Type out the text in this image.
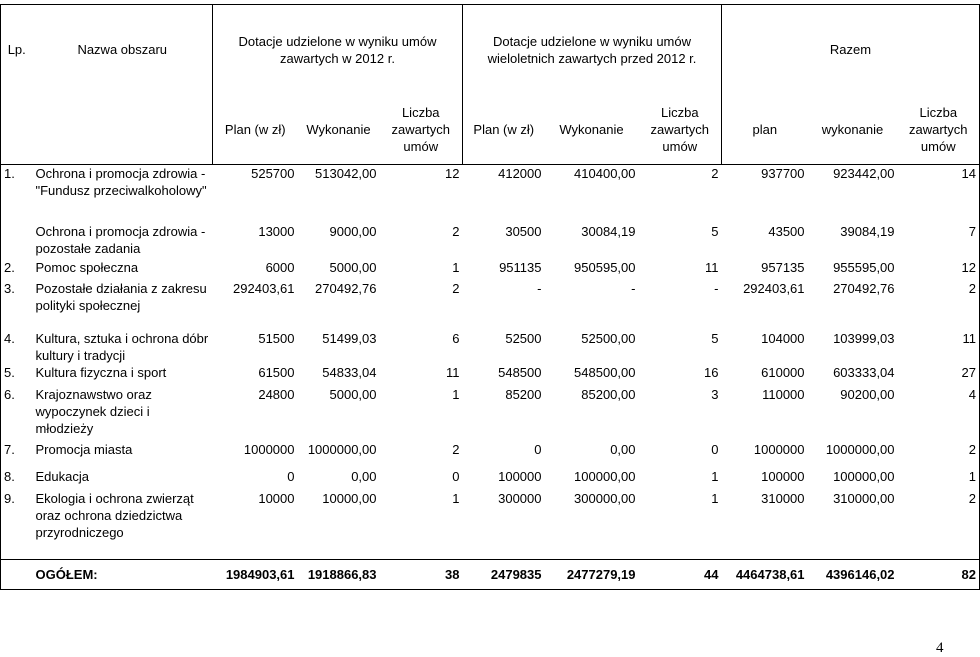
Lp.	Nazwa obszaru	Dotacje udzielone w wyniku umów zawartych w 2012 r.			Dotacje udzielone w wyniku umów wieloletnich zawartych przed 2012 r.			Razem		
		Plan (w zł)	Wykonanie	Liczba zawartych umów	Plan (w zł)	Wykonanie	Liczba zawartych umów	plan	wykonanie	Liczba zawartych umów
1.	Ochrona i promocja zdrowia - "Fundusz przeciwalkoholowy"	525700	513042,00	12	412000	410400,00	2	937700	923442,00	14
	Ochrona i promocja zdrowia - pozostałe zadania	13000	9000,00	2	30500	30084,19	5	43500	39084,19	7
2.	Pomoc społeczna	6000	5000,00	1	951135	950595,00	11	957135	955595,00	12
3.	Pozostałe działania z zakresu polityki społecznej	292403,61	270492,76	2	-	-	-	292403,61	270492,76	2
4.	Kultura, sztuka i ochrona dóbr kultury i tradycji	51500	51499,03	6	52500	52500,00	5	104000	103999,03	11
5.	Kultura fizyczna i sport	61500	54833,04	11	548500	548500,00	16	610000	603333,04	27
6.	Krajoznawstwo oraz wypoczynek dzieci i młodzieży	24800	5000,00	1	85200	85200,00	3	110000	90200,00	4
7.	Promocja miasta	1000000	1000000,00	2	0	0,00	0	1000000	1000000,00	2
8.	Edukacja	0	0,00	0	100000	100000,00	1	100000	100000,00	1
9.	Ekologia i ochrona zwierząt oraz ochrona dziedzictwa przyrodniczego	10000	10000,00	1	300000	300000,00	1	310000	310000,00	2
	OGÓŁEM:	1984903,61	1918866,83	38	2479835	2477279,19	44	4464738,61	4396146,02	82
4
